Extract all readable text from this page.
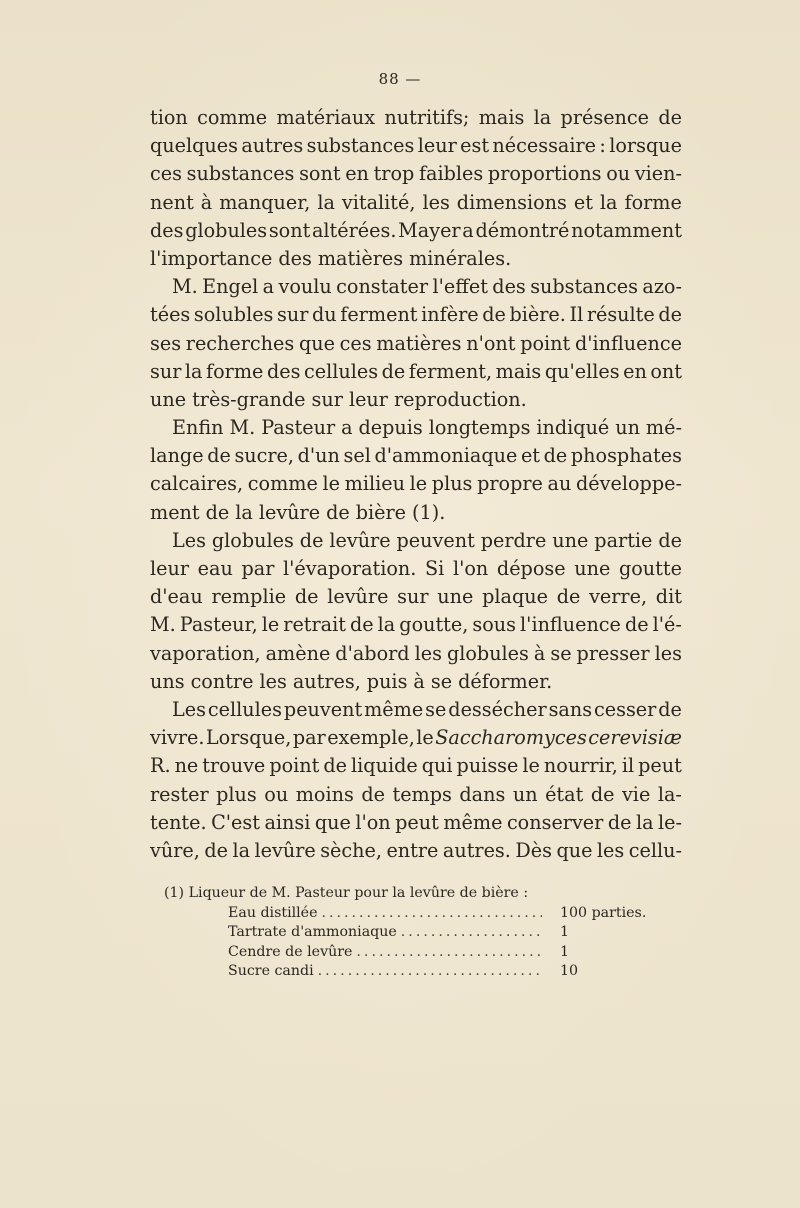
88 —
tion comme matériaux nutritifs; mais la présence de
quelques autres substances leur est nécessaire : lorsque
ces substances sont en trop faibles proportions ou vien-
nent à manquer, la vitalité, les dimensions et la forme
des globules sont altérées. Mayer a démontré notamment
l'importance des matières minérales.
M. Engel a voulu constater l'effet des substances azo-
tées solubles sur du ferment infère de bière. Il résulte de
ses recherches que ces matières n'ont point d'influence
sur la forme des cellules de ferment, mais qu'elles en ont
une très-grande sur leur reproduction.
Enfin M. Pasteur a depuis longtemps indiqué un mé-
lange de sucre, d'un sel d'ammoniaque et de phosphates
calcaires, comme le milieu le plus propre au développe-
ment de la levûre de bière (1).
Les globules de levûre peuvent perdre une partie de
leur eau par l'évaporation. Si l'on dépose une goutte
d'eau remplie de levûre sur une plaque de verre, dit
M. Pasteur, le retrait de la goutte, sous l'influence de l'é-
vaporation, amène d'abord les globules à se presser les
uns contre les autres, puis à se déformer.
Les cellules peuvent même se dessécher sans cesser de
vivre. Lorsque, par exemple, le Saccharomyces cerevisiæ
R. ne trouve point de liquide qui puisse le nourrir, il peut
rester plus ou moins de temps dans un état de vie la-
tente. C'est ainsi que l'on peut même conserver de la le-
vûre, de la levûre sèche, entre autres. Dès que les cellu-
(1) Liqueur de M. Pasteur pour la levûre de bière :
Eau distillée .....	100 parties.
Tartrate d'ammoniaque .....	1
Cendre de levûre .....	1
Sucre candi .....	10
